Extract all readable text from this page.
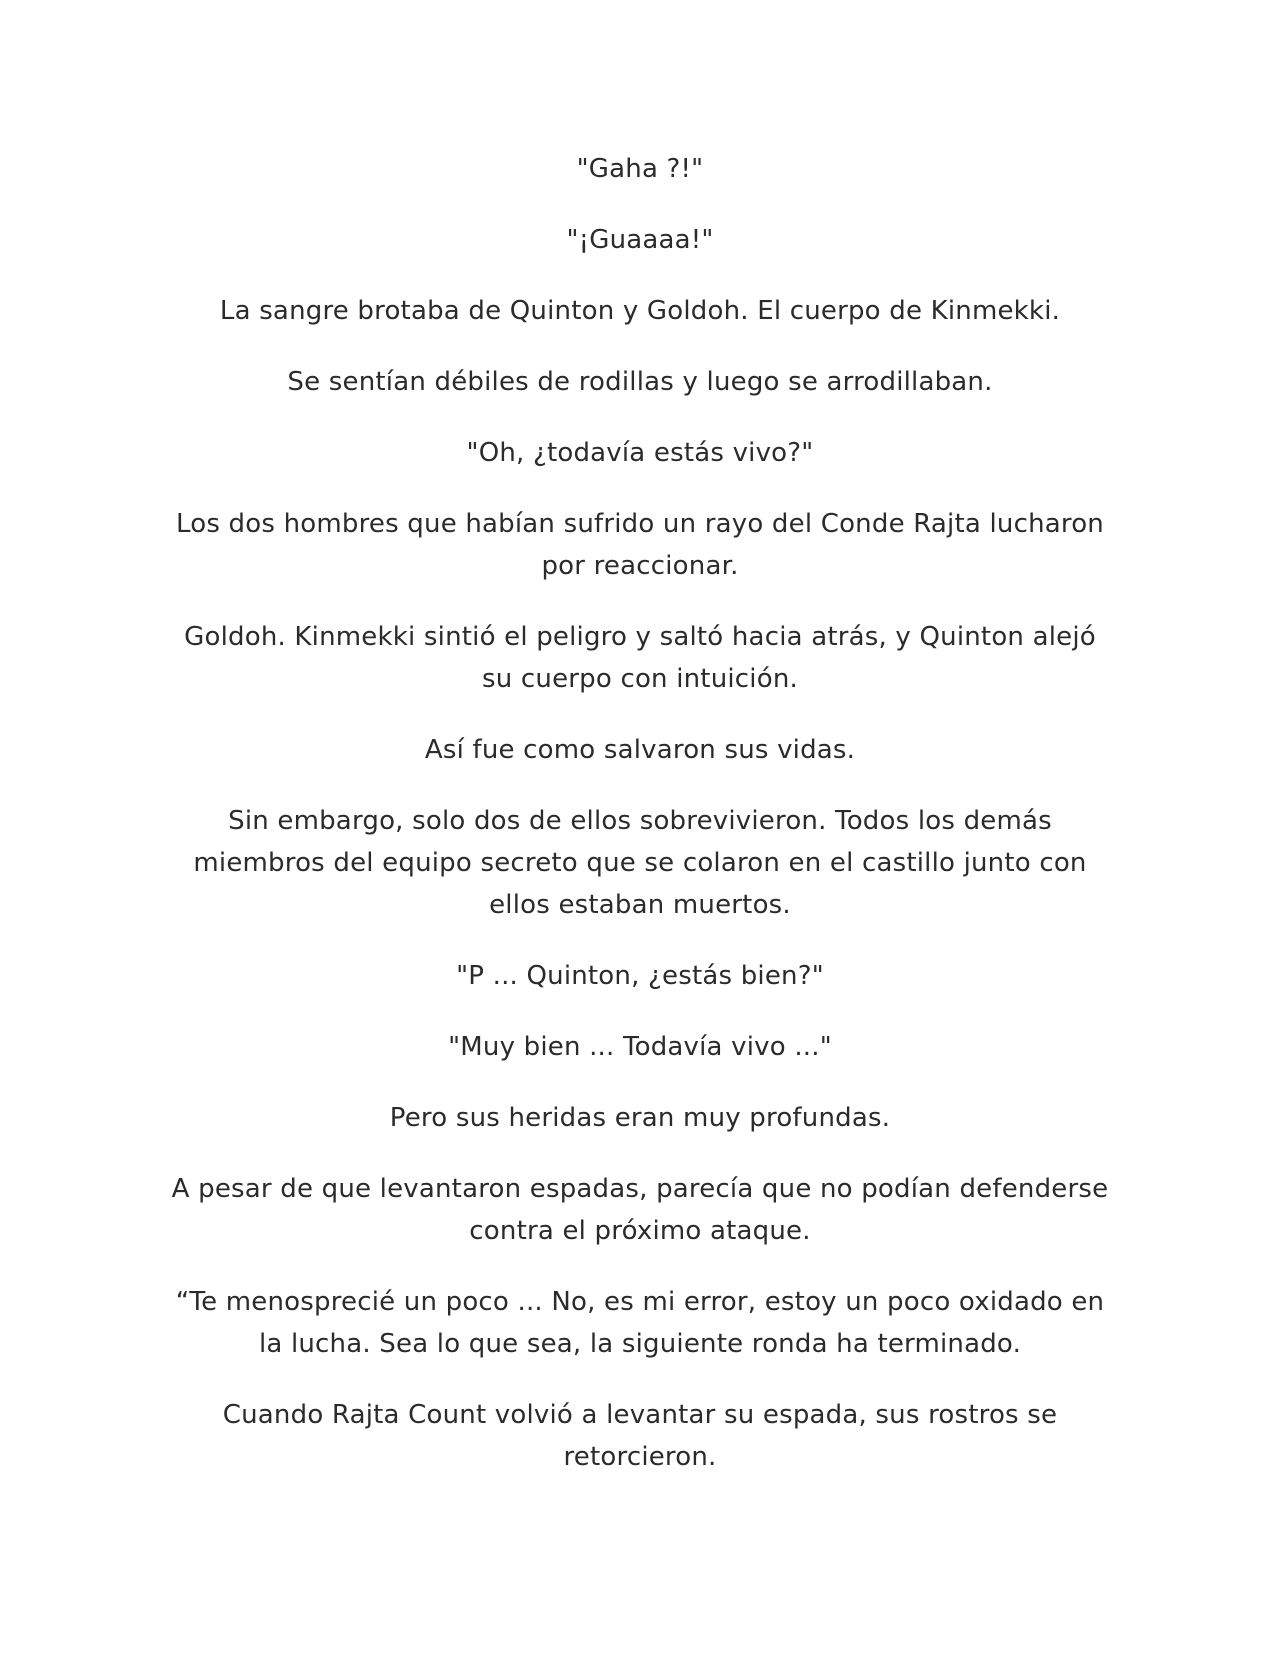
"Gaha ?!"

"¡Guaaaa!"

La sangre brotaba de Quinton y Goldoh. El cuerpo de Kinmekki.

Se sentían débiles de rodillas y luego se arrodillaban.

"Oh, ¿todavía estás vivo?"

Los dos hombres que habían sufrido un rayo del Conde Rajta lucharon por reaccionar.

Goldoh. Kinmekki sintió el peligro y saltó hacia atrás, y Quinton alejó su cuerpo con intuición.

Así fue como salvaron sus vidas.

Sin embargo, solo dos de ellos sobrevivieron. Todos los demás miembros del equipo secreto que se colaron en el castillo junto con ellos estaban muertos.

"P ... Quinton, ¿estás bien?"

"Muy bien ... Todavía vivo ..."

Pero sus heridas eran muy profundas.

A pesar de que levantaron espadas, parecía que no podían defenderse contra el próximo ataque.

“Te menosprecié un poco ... No, es mi error, estoy un poco oxidado en la lucha. Sea lo que sea, la siguiente ronda ha terminado.

Cuando Rajta Count volvió a levantar su espada, sus rostros se retorcieron.
